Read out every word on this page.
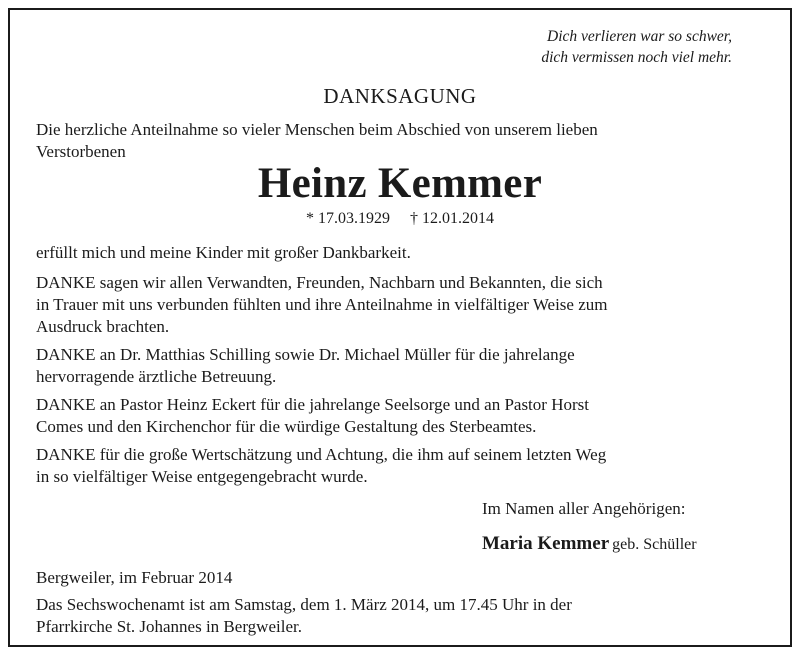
Dich verlieren war so schwer,
dich vermissen noch viel mehr.
DANKSAGUNG
Die herzliche Anteilnahme so vieler Menschen beim Abschied von unserem lieben
Verstorbenen
Heinz Kemmer
* 17.03.1929 † 12.01.2014
erfüllt mich und meine Kinder mit großer Dankbarkeit.
DANKE sagen wir allen Verwandten, Freunden, Nachbarn und Bekannten, die sich
in Trauer mit uns verbunden fühlten und ihre Anteilnahme in vielfältiger Weise zum
Ausdruck brachten.
DANKE an Dr. Matthias Schilling sowie Dr. Michael Müller für die jahrelange
hervorragende ärztliche Betreuung.
DANKE an Pastor Heinz Eckert für die jahrelange Seelsorge und an Pastor Horst
Comes und den Kirchenchor für die würdige Gestaltung des Sterbeamtes.
DANKE für die große Wertschätzung und Achtung, die ihm auf seinem letzten Weg
in so vielfältiger Weise entgegengebracht wurde.
Im Namen aller Angehörigen:
Maria Kemmer geb. Schüller
Bergweiler, im Februar 2014
Das Sechswochenamt ist am Samstag, dem 1. März 2014, um 17.45 Uhr in der
Pfarrkirche St. Johannes in Bergweiler.
